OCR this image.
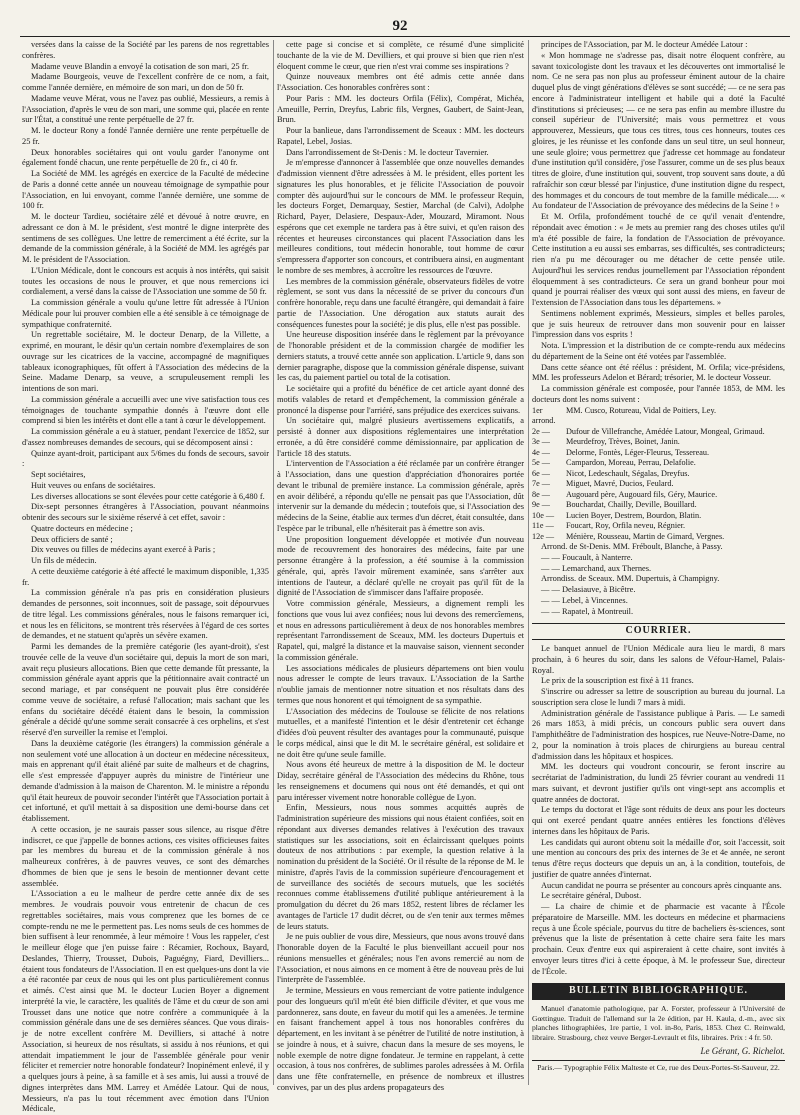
92

versées dans la caisse de la Société par les parens de nos regrettables confrères.

Madame veuve Blandin a envoyé la cotisation de son mari, 25 fr.

Madame Bourgeois, veuve de l'excellent confrère de ce nom, a fait, comme l'année dernière, en mémoire de son mari, un don de 50 fr.

Madame veuve Mérat, vous ne l'avez pas oublié, Messieurs, a remis à l'Association, d'après le vœu de son mari, une somme qui, placée en rente sur l'État, a constitué une rente perpétuelle de 27 fr.

M. le docteur Rony a fondé l'année dernière une rente perpétuelle de 25 fr.

Deux honorables sociétaires qui ont voulu garder l'anonyme ont également fondé chacun, une rente perpétuelle de 20 fr., ci 40 fr.

La Société de MM. les agrégés en exercice de la Faculté de médecine de Paris a donné cette année un nouveau témoignage de sympathie pour l'Association, en lui envoyant, comme l'année dernière, une somme de 100 fr.

M. le docteur Tardieu, sociétaire zélé et dévoué à notre œuvre, en adressant ce don à M. le président, s'est montré le digne interprète des sentimens de ses collègues. Une lettre de remerciment a été écrite, sur la demande de la commission générale, à la Société de MM. les agrégés par M. le président de l'Association.

L'Union Médicale, dont le concours est acquis à nos intérêts, qui saisit toutes les occasions de nous le prouver, et que nous remercions ici cordialement, a versé dans la caisse de l'Association une somme de 50 fr.

La commission générale a voulu qu'une lettre fût adressée à l'Union Médicale pour lui prouver combien elle a été sensible à ce témoignage de sympathique confraternité.

Un regrettable sociétaire, M. le docteur Denarp, de la Villette, a exprimé, en mourant, le désir qu'un certain nombre d'exemplaires de son ouvrage sur les cicatrices de la vaccine, accompagné de magnifiques tableaux iconographiques, fût offert à l'Association des médecins de la Seine. Madame Denarp, sa veuve, a scrupuleusement rempli les intentions de son mari.

La commission générale a accueilli avec une vive satisfaction tous ces témoignages de touchante sympathie donnés à l'œuvre dont elle comprend si bien les intérêts et dont elle a tant à cœur le développement.

La commission générale a eu à statuer, pendant l'exercice de 1852, sur d'assez nombreuses demandes de secours, qui se décomposent ainsi :

Quinze ayant-droit, participant aux 5/6mes du fonds de secours, savoir :

Sept sociétaires,

Huit veuves ou enfans de sociétaires.

Les diverses allocations se sont élevées pour cette catégorie à 6,480 f.

Dix-sept personnes étrangères à l'Association, pouvant néanmoins obtenir des secours sur le sixième réservé à cet effet, savoir :

Quatre docteurs en médecine ;

Deux officiers de santé ;

Dix veuves ou filles de médecins ayant exercé à Paris ;

Un fils de médecin.

A cette deuxième catégorie à été affecté le maximum disponible, 1,335 fr.

La commission générale n'a pas pris en considération plusieurs demandes de personnes, soit inconnues, soit de passage, soit dépourvues de titre légal. Les commissions générales, nous le faisons remarquer ici, et nous les en félicitons, se montrent très réservées à l'égard de ces sortes de demandes, et ne statuent qu'après un sévère examen.

Parmi les demandes de la première catégorie (les ayant-droit), s'est trouvée celle de la veuve d'un sociétaire qui, depuis la mort de son mari, avait reçu plusieurs allocations. Bien que cette demande fût pressante, la commission générale ayant appris que la pétitionnaire avait contracté un second mariage, et par conséquent ne pouvait plus être considérée comme veuve de sociétaire, a refusé l'allocation; mais sachant que les enfans du sociétaire décédé étaient dans le besoin, la commission générale a décidé qu'une somme serait consacrée à ces orphelins, et s'est réservé d'en surveiller la remise et l'emploi.

Dans la deuxième catégorie (les étrangers) la commission générale a non seulement voté une allocation à un docteur en médecine nécessiteux, mais en apprenant qu'il était aliéné par suite de malheurs et de chagrins, elle s'est empressée d'appuyer auprès du ministre de l'intérieur une demande d'admission à la maison de Charenton. M. le ministre a répondu qu'il était heureux de pouvoir seconder l'intérêt que l'Association portait à cet infortuné, et qu'il mettait à sa disposition une demi-bourse dans cet établissement.

A cette occasion, je ne saurais passer sous silence, au risque d'être indiscret, ce que j'appelle de bonnes actions, ces visites officieuses faites par les membres du bureau et de la commission générale à nos malheureux confrères, à de pauvres veuves, ce sont des démarches d'hommes de bien que je sens le besoin de mentionner devant cette assemblée.

L'Association a eu le malheur de perdre cette année dix de ses membres. Je voudrais pouvoir vous entretenir de chacun de ces regrettables sociétaires, mais vous comprenez que les bornes de ce compte-rendu ne me le permettent pas. Les noms seuls de ces hommes de bien suffisent à leur renommée, à leur mémoire ! Vous les rappeler, c'est le meilleur éloge que j'en puisse faire : Récamier, Rochoux, Bayard, Deslandes, Thierry, Trousset, Dubois, Paguégny, Fiard, Devilliers... étaient tous fondateurs de l'Association. Il en est quelques-uns dont la vie a été racontée par ceux de nous qui les ont plus particulièrement connus et aimés. C'est ainsi que M. le docteur Lucien Boyer a dignement interprété la vie, le caractère, les qualités de l'âme et du cœur de son ami Trousset dans une notice que notre confrère a communiquée à la commission générale dans une de ses dernières séances. Que vous dirais-je de notre excellent confrère M. Devilliers, si attaché à notre Association, si heureux de nos résultats, si assidu à nos réunions, et qui attendait impatiemment le jour de l'assemblée générale pour venir féliciter et remercier notre honorable fondateur? Inopinément enlevé, il y a quelques jours à peine, à sa famille et à ses amis, lui aussi a trouvé de dignes interprètes dans MM. Larrey et Amédée Latour. Qui de nous, Messieurs, n'a pas lu tout récemment avec émotion dans l'Union Médicale,

cette page si concise et si complète, ce résumé d'une simplicité touchante de la vie de M. Devilliers, et qui prouve si bien que rien n'est éloquent comme le cœur, que rien n'est vrai comme ses inspirations ?

Quinze nouveaux membres ont été admis cette année dans l'Association. Ces honorables confrères sont :

Pour Paris : MM. les docteurs Orfila (Félix), Compérat, Michéa, Ameuille, Perrin, Dreyfus, Labric fils, Vergnes, Gaubert, de Saint-Jean, Brun.

Pour la banlieue, dans l'arrondissement de Sceaux : MM. les docteurs Rapatel, Lebel, Josias.

Dans l'arrondissement de St-Denis : M. le docteur Tavernier.

Je m'empresse d'annoncer à l'assemblée que onze nouvelles demandes d'admission viennent d'être adressées à M. le président, elles portent les signatures les plus honorables, et je félicite l'Association de pouvoir compter dès aujourd'hui sur le concours de MM. le professeur Requin, les docteurs Forget, Demarquay, Sestier, Marchal (de Calvi), Adolphe Richard, Payer, Delasiere, Despaux-Ader, Mouzard, Miramont. Nous espérons que cet exemple ne tardera pas à être suivi, et qu'en raison des récentes et heureuses circonstances qui placent l'Association dans les meilleures conditions, tout médecin honorable, tout homme de cœur s'empressera d'apporter son concours, et contribuera ainsi, en augmentant le nombre de ses membres, à accroître les ressources de l'œuvre.

Les membres de la commission générale, observateurs fidèles de votre règlement, se sont vus dans la nécessité de se priver du concours d'un confrère honorable, reçu dans une faculté étrangère, qui demandait à faire partie de l'Association. Une dérogation aux statuts aurait des conséquences funestes pour la société; je dis plus, elle n'est pas possible.

Une heureuse disposition insérée dans le règlement par la prévoyance de l'honorable président et de la commission chargée de modifier les derniers statuts, a trouvé cette année son application. L'article 9, dans son dernier paragraphe, dispose que la commission générale dispense, suivant les cas, du paiement partiel ou total de la cotisation.

Le sociétaire qui a profité du bénéfice de cet article ayant donné des motifs valables de retard et d'empêchement, la commission générale a prononcé la dispense pour l'arriéré, sans préjudice des exercices suivans.

Un sociétaire qui, malgré plusieurs avertissemens explicatifs, a persisté à donner aux dispositions réglementaires une interprétation erronée, a dû être considéré comme démissionnaire, par application de l'article 18 des statuts.

L'intervention de l'Association a été réclamée par un confrère étranger à l'Association, dans une question d'appréciation d'honoraires portée devant le tribunal de première instance. La commission générale, après en avoir délibéré, a répondu qu'elle ne pensait pas que l'Association, dût intervenir sur la demande du médecin ; toutefois que, si l'Association des médecins de la Seine, établie aux termes d'un décret, était consultée, dans l'espèce par le tribunal, elle n'hésiterait pas à émettre son avis.

Une proposition longuement développée et motivée d'un nouveau mode de recouvrement des honoraires des médecins, faite par une personne étrangère à la profession, a été soumise à la commission générale, qui, après l'avoir mûrement examinée, sans s'arrêter aux intentions de l'auteur, a déclaré qu'elle ne croyait pas qu'il fût de la dignité de l'Association de s'immiscer dans l'affaire proposée.

Votre commission générale, Messieurs, a dignement rempli les fonctions que vous lui avez confiées; nous lui devons des remercîemens, et nous en adressons particulièrement à deux de nos honorables membres représentant l'arrondissement de Sceaux, MM. les docteurs Dupertuis et Rapatel, qui, malgré la distance et la mauvaise saison, viennent seconder la commission générale.

Les associations médicales de plusieurs départemens ont bien voulu nous adresser le compte de leurs travaux. L'Association de la Sarthe n'oublie jamais de mentionner notre situation et nos résultats dans des termes que nous honorent et qui témoignent de sa sympathie.

L'Association des médecins de Toulouse se félicite de nos relations mutuelles, et a manifesté l'intention et le désir d'entretenir cet échange d'idées d'où peuvent résulter des avantages pour la communauté, puisque le corps médical, ainsi que le dit M. le secrétaire général, est solidaire et ne doit être qu'une seule famille.

Nous avons été heureux de mettre à la disposition de M. le docteur Diday, secrétaire général de l'Association des médecins du Rhône, tous les renseignemens et documens qui nous ont été demandés, et qui ont paru intéresser vivement notre honorable collègue de Lyon.

Enfin, Messieurs, nous nous sommes acquittés auprès de l'administration supérieure des missions qui nous étaient confiées, soit en répondant aux diverses demandes relatives à l'exécution des travaux statistiques sur les associations, soit en éclaircissant quelques points douteux de nos attributions : par exemple, la question relative à la nomination du président de la Société. Or il résulte de la réponse de M. le ministre, d'après l'avis de la commission supérieure d'encouragement et de surveillance des sociétés de secours mutuels, que les sociétés reconnues comme établissemens d'utilité publique antérieurement à la promulgation du décret du 26 mars 1852, restent libres de réclamer les avantages de l'article 17 dudit décret, ou de s'en tenir aux termes mêmes de leurs statuts.

Je ne puis oublier de vous dire, Messieurs, que nous avons trouvé dans l'honorable doyen de la Faculté le plus bienveillant accueil pour nos réunions mensuelles et générales; nous l'en avons remercié au nom de l'Association, et nous aimons en ce moment à être de nouveau près de lui l'interprète de l'assemblée.

Je termine, Messieurs en vous remerciant de votre patiente indulgence pour des longueurs qu'il m'eût été bien difficile d'éviter, et que vous me pardonnerez, sans doute, en faveur du motif qui les a amenées. Je termine en faisant franchement appel à tous nos honorables confrères du département, en les invitant à se pénétrer de l'utilité de notre institution, à se joindre à nous, et à suivre, chacun dans la mesure de ses moyens, le noble exemple de notre digne fondateur. Je termine en rappelant, à cette occasion, à tous nos confrères, de sublimes paroles adressées à M. Orfila dans une fête confraternelle, en présence de nombreux et illustres convives, par un des plus ardens propagateurs des

principes de l'Association, par M. le docteur Amédée Latour :

« Mon hommage ne s'adresse pas, disait notre éloquent confrère, au savant toxicologiste dont les travaux et les découvertes ont immortalisé le nom. Ce ne sera pas non plus au professeur éminent autour de la chaire duquel plus de vingt générations d'élèves se sont succédé; — ce ne sera pas encore à l'administrateur intelligent et habile qui a doté la Faculté d'institutions si précieuses; — ce ne sera pas enfin au membre illustre du conseil supérieur de l'Université; mais vous permettrez et vous approuverez, Messieurs, que tous ces titres, tous ces honneurs, toutes ces gloires, je les réunisse et les confonde dans un seul titre, un seul honneur, une seule gloire; vous permettrez que j'adresse cet hommage au fondateur d'une institution qu'il considère, j'ose l'assurer, comme un de ses plus beaux titres de gloire, d'une institution qui, souvent, trop souvent sans doute, a dû rafraîchir son cœur blessé par l'injustice, d'une institution digne du respect, des hommages et du concours de tout membre de la famille médicale..... « Au fondateur de l'Association de prévoyance des médecins de la Seine ! »

Et M. Orfila, profondément touché de ce qu'il venait d'entendre, répondait avec émotion : « Je mets au premier rang des choses utiles qu'il m'a été possible de faire, la fondation de l'Association de prévoyance. Cette institution a eu aussi ses embarras, ses difficultés, ses contradicteurs; rien n'a pu me décourager ou me détacher de cette pensée utile. Aujourd'hui les services rendus journellement par l'Association répondent éloquemment à ses contradicteurs. Ce sera un grand bonheur pour moi quand je pourrai réaliser des vœux qui sont aussi des miens, en faveur de l'extension de l'Association dans tous les départemens. »

Sentimens noblement exprimés, Messieurs, simples et belles paroles, que je suis heureux de retrouver dans mon souvenir pour en laisser l'impression dans vos esprits !

Nota. L'impression et la distribution de ce compte-rendu aux médecins du département de la Seine ont été votées par l'assemblée.

Dans cette séance ont été réélus : président, M. Orfila; vice-présidens, MM. les professeurs Adelon et Bérard; trésorier, M. le docteur Vosseur.

La commission générale est composée, pour l'année 1853, de MM. les docteurs dont les noms suivent :

1er arrond.	MM. Cusco, Rotureau, Vidal de Poitiers, Ley.
2e —	Dufour de Villefranche, Amédée Latour, Mongeal, Grimaud.
3e —	Meurdefroy, Trèves, Boinet, Janin.
4e —	Delorme, Fontès, Léger-Fleurus, Tessereau.
5e —	Campardon, Moreau, Perrau, Delafolie.
6e —	Nicot, Ledeschault, Ségalas, Dreyfus.
7e —	Miguet, Mavré, Ducios, Feulard.
8e —	Augouard père, Augouard fils, Géry, Maurice.
9e —	Bouchardat, Chailly, Deville, Bouillard.
10e —	Lucien Boyer, Destrem, Bourdon, Blatin.
11e —	Foucart, Roy, Orfila neveu, Régnier.
12e —	Ménière, Rousseau, Martin de Gimard, Vergnes.

Arrond. de St-Denis. MM. Fréboult, Blanche, à Passy.

— — Foucault, à Nanterre.

— — Lemarchand, aux Thernes.

Arrondiss. de Sceaux. MM. Dupertuis, à Champigny.

— — Delasiauve, à Bicêtre.

— — Lebel, à Vincennes.

— — Rapatel, à Montreuil.

COURRIER.

Le banquet annuel de l'Union Médicale aura lieu le mardi, 8 mars prochain, à 6 heures du soir, dans les salons de Véfour-Hamel, Palais-Royal.

Le prix de la souscription est fixé à 11 francs.

S'inscrire ou adresser sa lettre de souscription au bureau du journal. La souscription sera close le lundi 7 mars à midi.

Administration générale de l'assistance publique à Paris. — Le samedi 26 mars 1853, à midi précis, un concours public sera ouvert dans l'amphithéâtre de l'administration des hospices, rue Neuve-Notre-Dame, no 2, pour la nomination à trois places de chirurgiens au bureau central d'admission dans les hôpitaux et hospices.

MM. les docteurs qui voudront concourir, se feront inscrire au secrétariat de l'administration, du lundi 25 février courant au vendredi 11 mars suivant, et devront justifier qu'ils ont vingt-sept ans accomplis et quatre années de doctorat.

Le temps du doctorat et l'âge sont réduits de deux ans pour les docteurs qui ont exercé pendant quatre années entières les fonctions d'élèves internes dans les hôpitaux de Paris.

Les candidats qui auront obtenu soit la médaille d'or, soit l'accessit, soit une mention au concours des prix des internes de 3e et 4e année, ne seront tenus d'être reçus docteurs que depuis un an, à la condition, toutefois, de justifier de quatre années d'internat.

Aucun candidat ne pourra se présenter au concours après cinquante ans.

Le secrétaire général, Dubost.

— La chaire de chimie et de pharmacie est vacante à l'École préparatoire de Marseille. MM. les docteurs en médecine et pharmaciens reçus à une École spéciale, pourvus du titre de bacheliers ès-sciences, sont prévenus que la liste de présentation à cette chaire sera faite les mars prochain. Ceux d'entre eux qui aspireraient à cette chaire, sont invités à envoyer leurs titres d'ici à cette époque, à M. le professeur Sue, directeur de l'École.

BULLETIN BIBLIOGRAPHIQUE.

Manuel d'anatomie pathologique, par A. Forster, professeur à l'Université de Gœttingue. Traduit de l'allemand sur la 2e édition, par H. Kaula, d.-m., avec six planches lithographiées, 1re partie, 1 vol. in-8o, Paris, 1853. Chez C. Reinwald, libraire. Strasbourg, chez veuve Berger-Levrault et fils, libraires. Prix : 4 fr. 50.

Le Gérant, G. Richelot.
Paris.— Typographie Félix Malteste et Ce, rue des Deux-Portes-St-Sauveur, 22.
